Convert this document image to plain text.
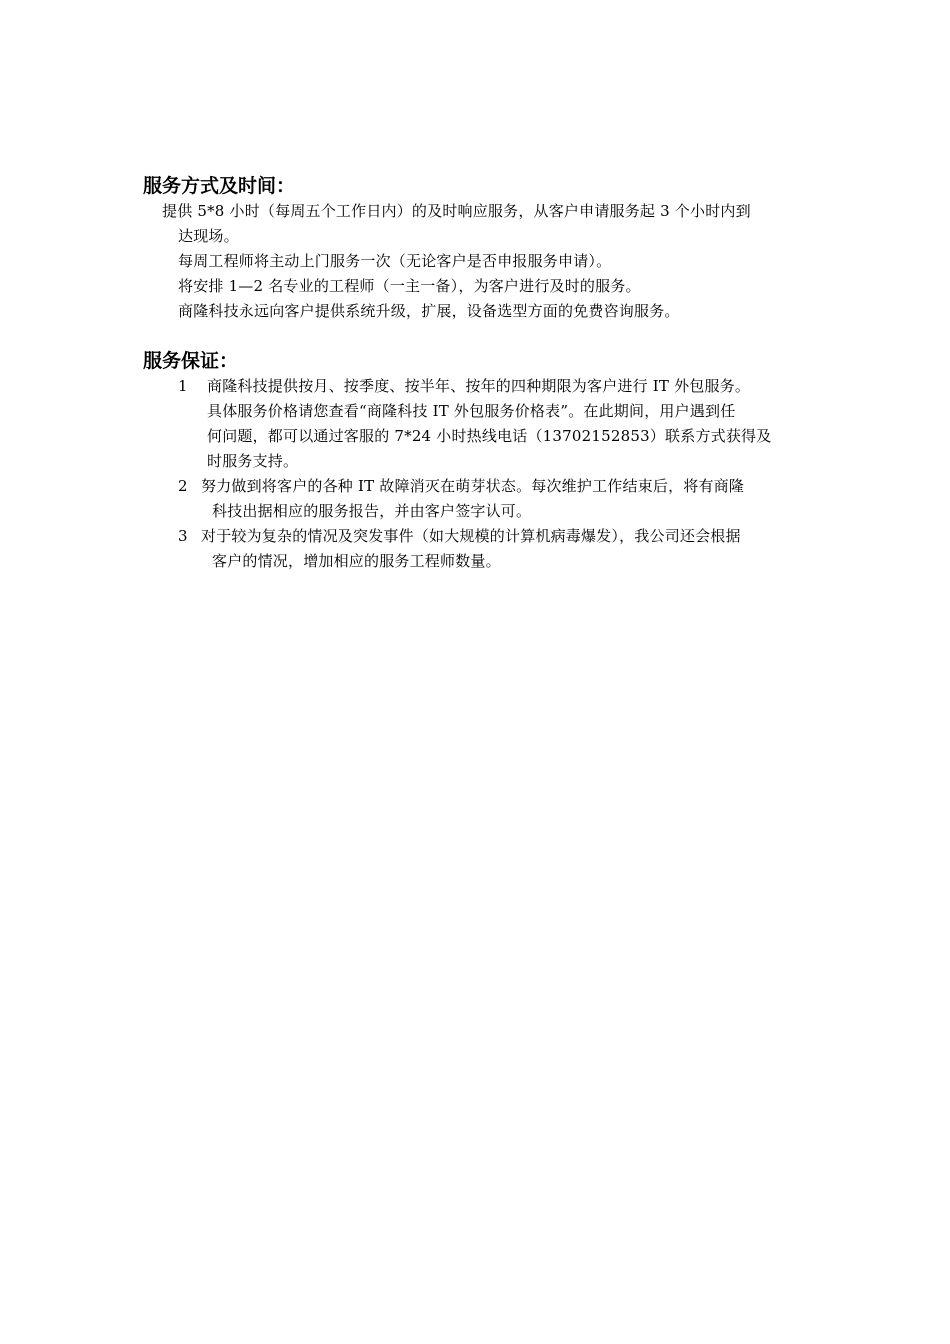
服务方式及时间：
提供 5*8 小时（每周五个工作日内）的及时响应服务，从客户申请服务起 3 个小时内到
达现场。
每周工程师将主动上门服务一次（无论客户是否申报服务申请）。
将安排 1—2 名专业的工程师（一主一备），为客户进行及时的服务。
商隆科技永远向客户提供系统升级，扩展，设备选型方面的免费咨询服务。
服务保证：
1 商隆科技提供按月、按季度、按半年、按年的四种期限为客户进行 IT 外包服务。
具体服务价格请您查看“商隆科技 IT 外包服务价格表”。在此期间，用户遇到任
何问题，都可以通过客服的 7*24 小时热线电话（13702152853）联系方式获得及
时服务支持。
2 努力做到将客户的各种 IT 故障消灭在萌芽状态。每次维护工作结束后，将有商隆
科技出据相应的服务报告，并由客户签字认可。
3 对于较为复杂的情况及突发事件（如大规模的计算机病毒爆发），我公司还会根据
客户的情况，增加相应的服务工程师数量。
